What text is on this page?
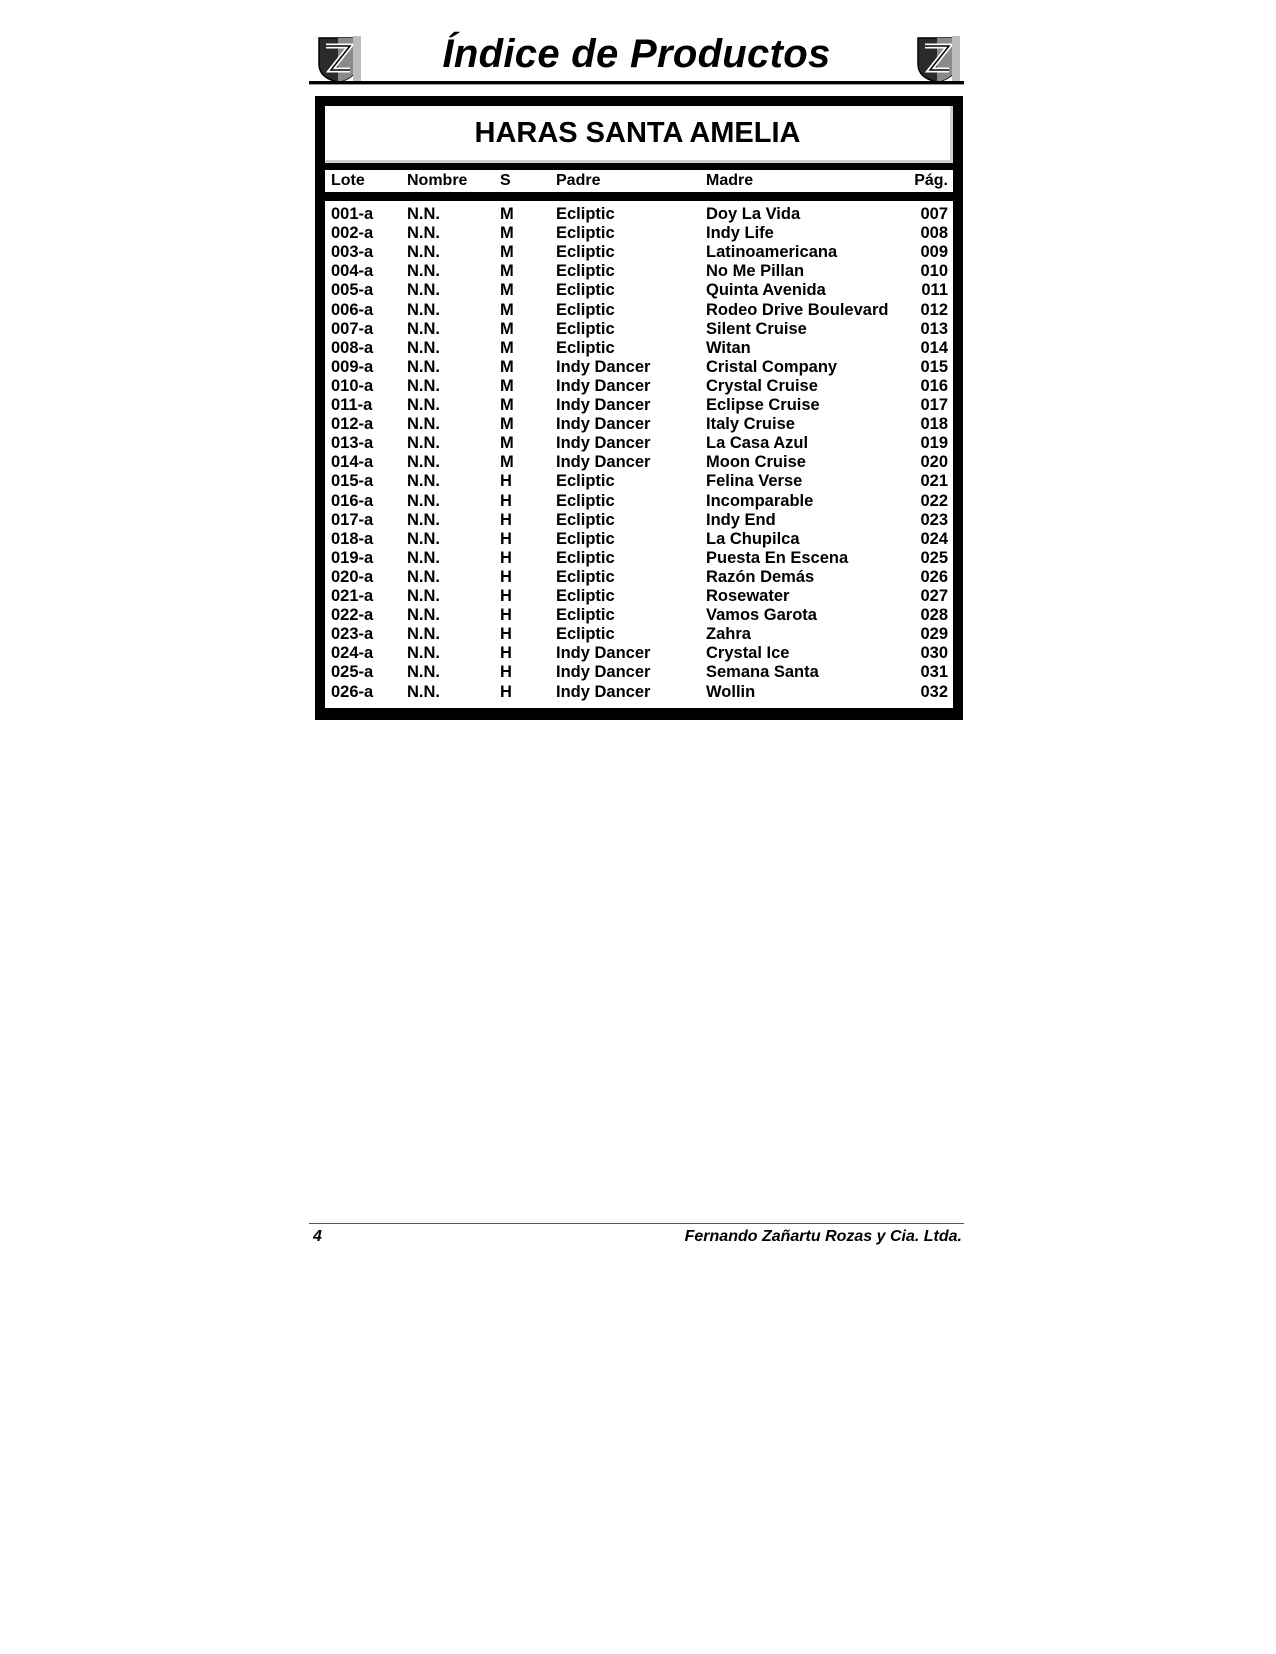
Índice de Productos
HARAS SANTA AMELIA
Lote	Nombre S	Padre	Madre	Pág.
001-a N.N.	M	Ecliptic	Doy La Vida	007
002-a N.N.	M	Ecliptic	Indy Life	008
003-a N.N.	M	Ecliptic	Latinoamericana	009
004-a N.N.	M	Ecliptic	No Me Pillan	010
005-a N.N.	M	Ecliptic	Quinta Avenida	011
006-a N.N.	M	Ecliptic	Rodeo Drive Boulevard 012
007-a N.N.	M	Ecliptic	Silent Cruise	013
008-a N.N.	M	Ecliptic	Witan	014
009-a N.N.	M	Indy Dancer	Cristal Company	015
010-a N.N.	M	Indy Dancer	Crystal Cruise	016
011-a N.N.	M	Indy Dancer	Eclipse Cruise	017
012-a N.N.	M	Indy Dancer	Italy Cruise	018
013-a N.N.	M	Indy Dancer	La Casa Azul	019
014-a N.N.	M	Indy Dancer	Moon Cruise	020
015-a N.N.	H	Ecliptic	Felina Verse	021
016-a N.N.	H	Ecliptic	Incomparable	022
017-a N.N.	H	Ecliptic	Indy End	023
018-a N.N.	H	Ecliptic	La Chupilca	024
019-a N.N.	H	Ecliptic	Puesta En Escena	025
020-a N.N.	H	Ecliptic	Razón Demás	026
021-a N.N.	H	Ecliptic	Rosewater	027
022-a N.N.	H	Ecliptic	Vamos Garota	028
023-a N.N.	H	Ecliptic	Zahra	029
024-a N.N.	H	Indy Dancer	Crystal Ice	030
025-a N.N.	H	Indy Dancer	Semana Santa	031
026-a N.N.	H	Indy Dancer	Wollin	032
4	Fernando Zañartu Rozas y Cia. Ltda.
